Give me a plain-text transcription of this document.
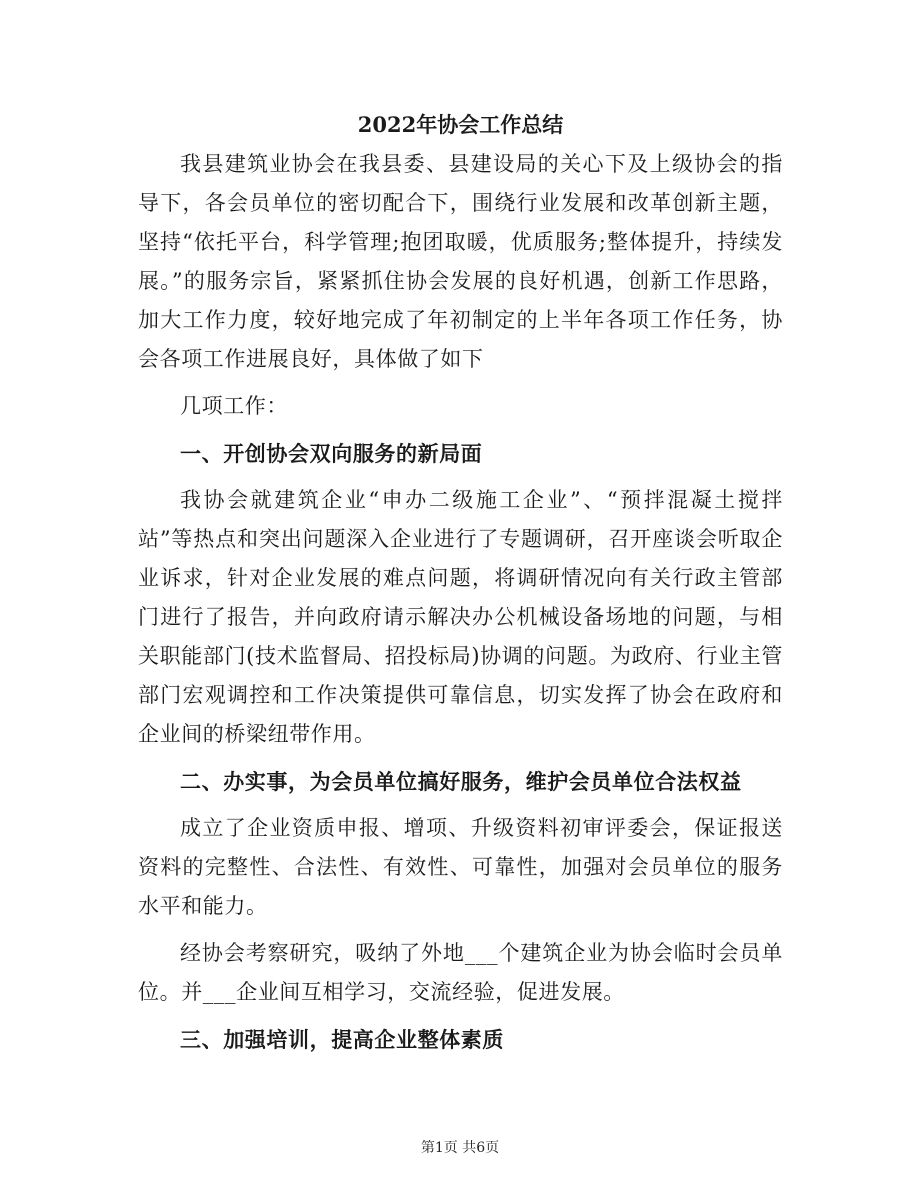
2022年协会工作总结

我县建筑业协会在我县委、县建设局的关心下及上级协会的指导下，各会员单位的密切配合下，围绕行业发展和改革创新主题，坚持“依托平台，科学管理;抱团取暖，优质服务;整体提升，持续发展。”的服务宗旨，紧紧抓住协会发展的良好机遇，创新工作思路，加大工作力度，较好地完成了年初制定的上半年各项工作任务，协会各项工作进展良好，具体做了如下

几项工作：

一、开创协会双向服务的新局面

我协会就建筑企业“申办二级施工企业”、“预拌混凝土搅拌站”等热点和突出问题深入企业进行了专题调研，召开座谈会听取企业诉求，针对企业发展的难点问题，将调研情况向有关行政主管部门进行了报告，并向政府请示解决办公机械设备场地的问题，与相关职能部门(技术监督局、招投标局)协调的问题。为政府、行业主管部门宏观调控和工作决策提供可靠信息，切实发挥了协会在政府和企业间的桥梁纽带作用。

二、办实事，为会员单位搞好服务，维护会员单位合法权益

成立了企业资质申报、增项、升级资料初审评委会，保证报送资料的完整性、合法性、有效性、可靠性，加强对会员单位的服务水平和能力。

经协会考察研究，吸纳了外地___个建筑企业为协会临时会员单位。并___企业间互相学习，交流经验，促进发展。

三、加强培训，提高企业整体素质

第1页 共6页
